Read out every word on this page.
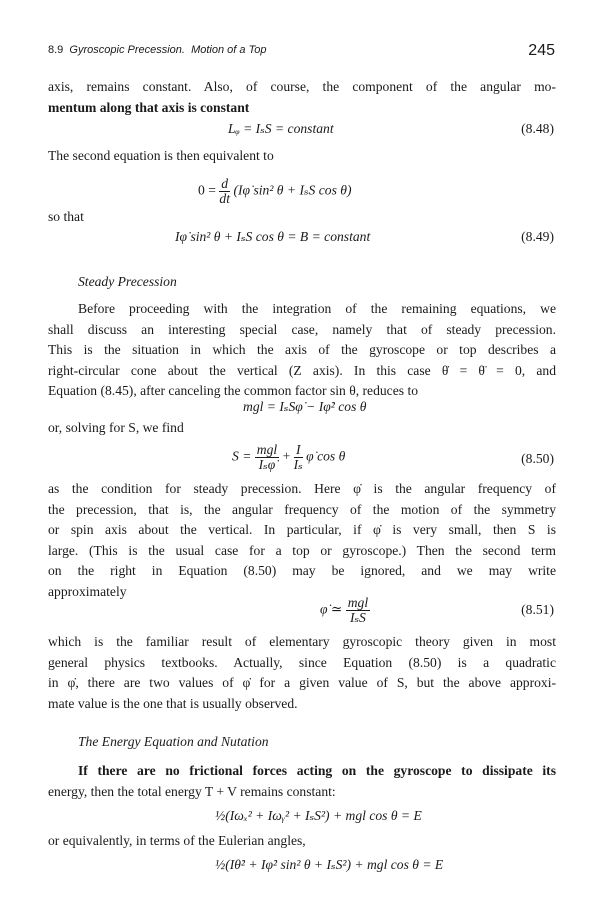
8.9 Gyroscopic Precession. Motion of a Top	245
axis, remains constant. Also, of course, the component of the angular mo-
mentum along that axis is constant
Lᵩ = IₛS = constant	(8.48)
The second equation is then equivalent to
$0 = \frac{d}{dt}$ (Iφ̇ sin² θ + IₛS cos θ)
so that
Iφ̇ sin² θ + IₛS cos θ = B = constant	(8.49)
Steady Precession
Before proceeding with the integration of the remaining equations, we
shall discuss an interesting special case, namely that of steady precession.
This is the situation in which the axis of the gyroscope or top describes a
right-circular cone about the vertical (Z axis). In this case θ̇ = θ̈ = 0, and
Equation (8.45), after canceling the common factor sin θ, reduces to
mgl = IₛSφ̇ − Iφ̇² cos θ
or, solving for S, we find
$S = \frac{\text{mgl}}{\text{Iₛφ̇}} + \frac{I}{\text{Iₛ}}$ φ̇ cos θ	(8.50)
as the condition for steady precession. Here φ̇ is the angular frequency of
the precession, that is, the angular frequency of the motion of the symmetry
or spin axis about the vertical. In particular, if φ̇ is very small, then S is
large. (This is the usual case for a top or gyroscope.) Then the second term
on the right in Equation (8.50) may be ignored, and we may write
approximately
φ̇ ≃ $\frac{\text{mgl}}{\text{IₛS}}$	(8.51)
which is the familiar result of elementary gyroscopic theory given in most
general physics textbooks. Actually, since Equation (8.50) is a quadratic
in φ̇, there are two values of φ̇ for a given value of S, but the above approxi-
mate value is the one that is usually observed.
The Energy Equation and Nutation
If there are no frictional forces acting on the gyroscope to dissipate its
energy, then the total energy T + V remains constant:
½(Iωₓ² + Iωᵧ² + IₛS²) + mgl cos θ = E
or equivalently, in terms of the Eulerian angles,
½(Iθ̇² + Iφ̇² sin² θ + IₛS²) + mgl cos θ = E
